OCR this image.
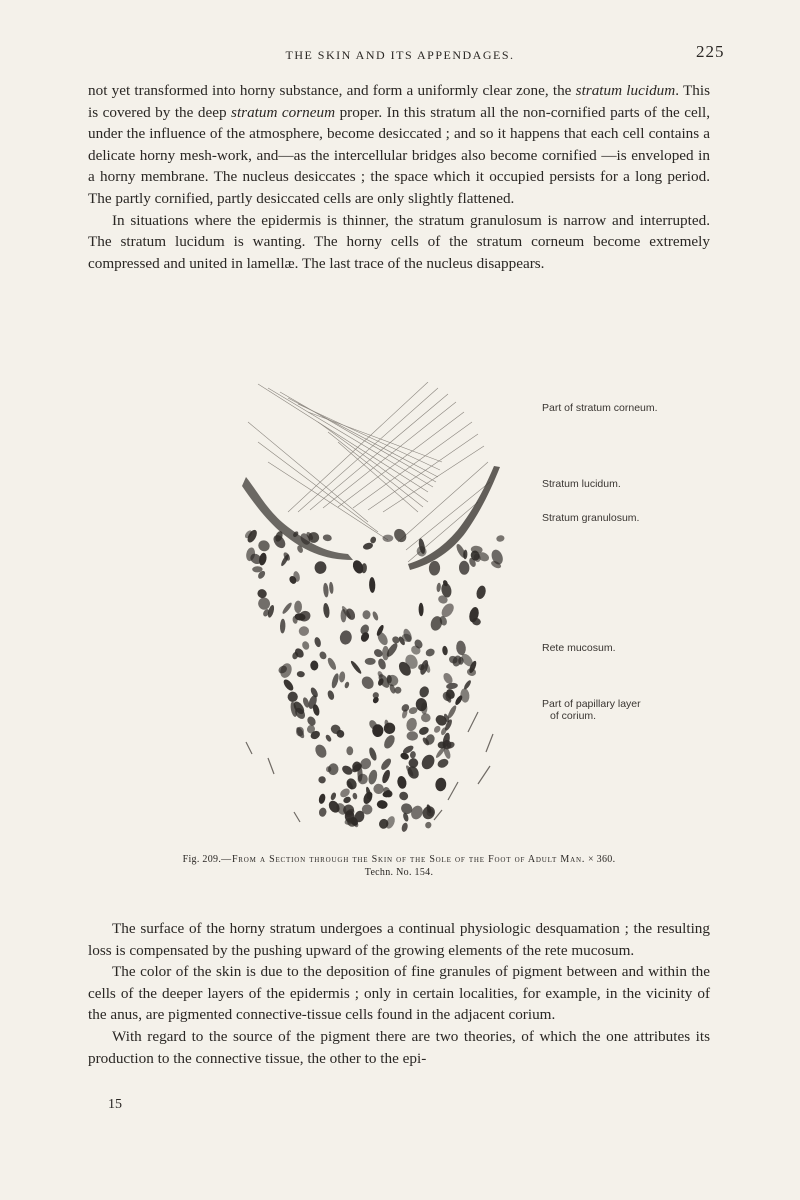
THE SKIN AND ITS APPENDAGES.	225

not yet transformed into horny substance, and form a uniformly clear zone, the stratum lucidum. This is covered by the deep stratum corneum proper. In this stratum all the non-cornified parts of the cell, under the influence of the atmosphere, become desiccated ; and so it happens that each cell contains a delicate horny mesh-work, and—as the intercellular bridges also become cornified —is enveloped in a horny membrane. The nucleus desiccates ; the space which it occupied persists for a long period. The partly cornified, partly desiccated cells are only slightly flattened.

In situations where the epidermis is thinner, the stratum granulosum is narrow and interrupted. The stratum lucidum is wanting. The horny cells of the stratum corneum become extremely compressed and united in lamellæ. The last trace of the nucleus disappears.

Part of stratum corneum.
Stratum lucidum.
Stratum granulosum.
Rete mucosum.
Part of papillary layer
of corium.
Fig. 209.—From a Section through the Skin of the Sole of the Foot of Adult Man. × 360.
Techn. No. 154.

The surface of the horny stratum undergoes a continual physiologic desquamation ; the resulting loss is compensated by the pushing upward of the growing elements of the rete mucosum.

The color of the skin is due to the deposition of fine granules of pigment between and within the cells of the deeper layers of the epidermis ; only in certain localities, for example, in the vicinity of the anus, are pigmented connective-tissue cells found in the adjacent corium.

With regard to the source of the pigment there are two theories, of which the one attributes its production to the connective tissue, the other to the epi-

15
